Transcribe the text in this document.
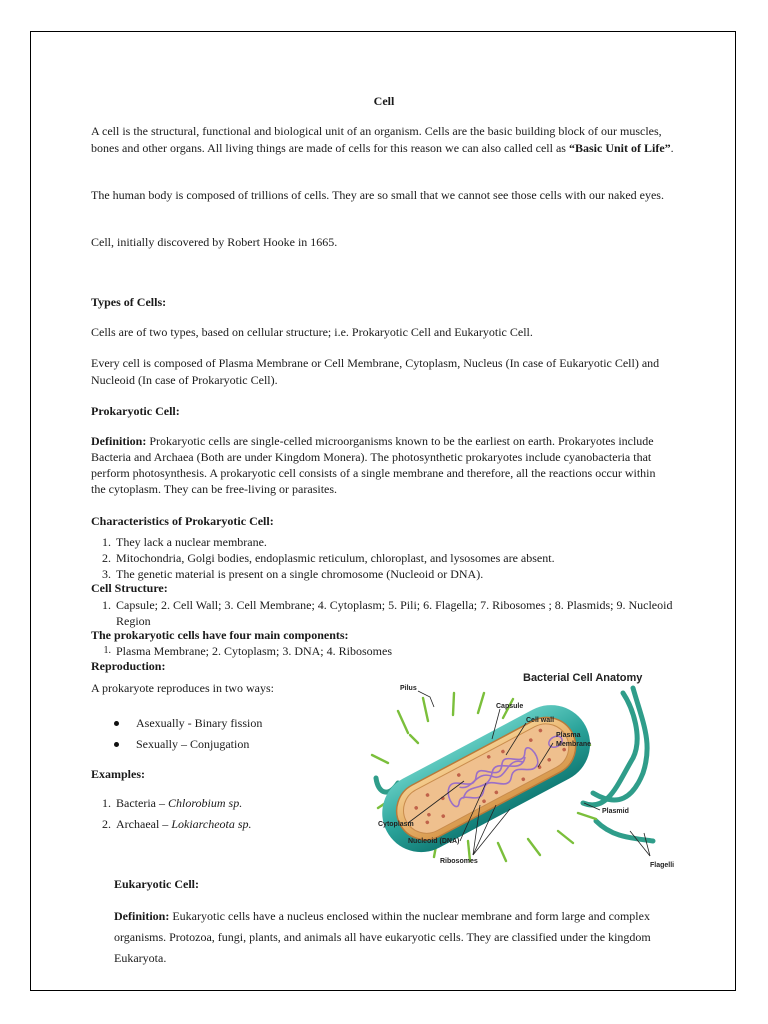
Cell

A cell is the structural, functional and biological unit of an organism. Cells are the basic building block of our muscles, bones and other organs. All living things are made of cells for this reason we can also called cell as “Basic Unit of Life”.

The human body is composed of trillions of cells. They are so small that we cannot see those cells with our naked eyes.

Cell, initially discovered by Robert Hooke in 1665.

Types of Cells:

Cells are of two types, based on cellular structure; i.e. Prokaryotic Cell and Eukaryotic Cell.

Every cell is composed of Plasma Membrane or Cell Membrane, Cytoplasm, Nucleus (In case of Eukaryotic Cell) and Nucleoid (In case of Prokaryotic Cell).

Prokaryotic Cell:

Definition: Prokaryotic cells are single-celled microorganisms known to be the earliest on earth. Prokaryotes include Bacteria and Archaea (Both are under Kingdom Monera). The photosynthetic prokaryotes include cyanobacteria that perform photosynthesis. A prokaryotic cell consists of a single membrane and therefore, all the reactions occur within the cytoplasm. They can be free-living or parasites.

Characteristics of Prokaryotic Cell:
1. They lack a nuclear membrane.
2. Mitochondria, Golgi bodies, endoplasmic reticulum, chloroplast, and lysosomes are absent.
3. The genetic material is present on a single chromosome (Nucleoid or DNA).
Cell Structure:
1. Capsule; 2. Cell Wall; 3. Cell Membrane; 4. Cytoplasm; 5. Pili; 6. Flagella; 7. Ribosomes ; 8. Plasmids; 9. Nucleoid Region
The prokaryotic cells have four main components:
1. Plasma Membrane; 2. Cytoplasm; 3. DNA; 4. Ribosomes
Reproduction:

A prokaryote reproduces in two ways:

Asexually - Binary fission
Sexually – Conjugation
Examples:
1. Bacteria – Chlorobium sp.
2. Archaeal – Lokiarcheota sp.
Eukaryotic Cell:

Definition: Eukaryotic cells have a nucleus enclosed within the nuclear membrane and form large and complex organisms. Protozoa, fungi, plants, and animals all have eukaryotic cells. They are classified under the kingdom Eukaryota.

Bacterial Cell Anatomy
Pilus
Capsule
Cell wall
Plasma
Membrane
Plasmid
Cytoplasm
Nucleoid (DNA)
Ribosomes
Flagelli
